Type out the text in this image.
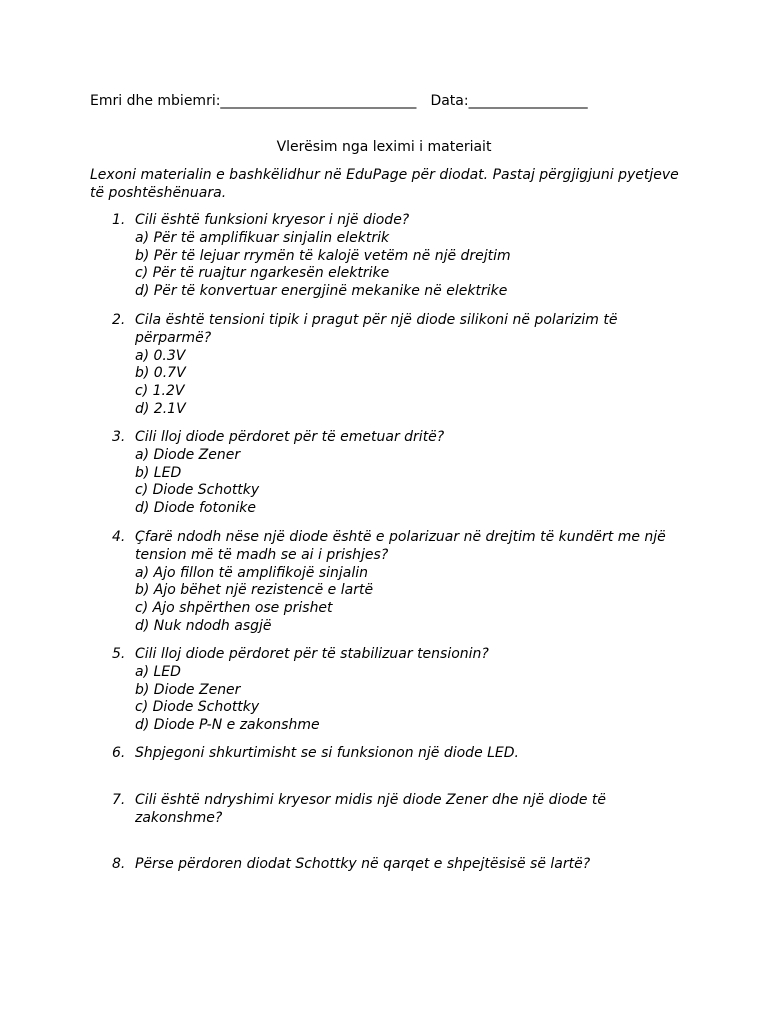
Emri dhe mbiemri:____________________________ Data:_________________
Vlerësim nga leximi i materiait
Lexoni materialin e bashkëlidhur në EduPage për diodat. Pastaj përgjigjuni pyetjeve të poshtëshënuara.
1. Cili është funksioni kryesor i një diode?
a) Për të amplifikuar sinjalin elektrik
b) Për të lejuar rrymën të kalojë vetëm në një drejtim
c) Për të ruajtur ngarkesën elektrike
d) Për të konvertuar energjinë mekanike në elektrike
2. Cila është tensioni tipik i pragut për një diode silikoni në polarizim të përparmë?
a) 0.3V
b) 0.7V
c) 1.2V
d) 2.1V
3. Cili lloj diode përdoret për të emetuar dritë?
a) Diode Zener
b) LED
c) Diode Schottky
d) Diode fotonike
4. Çfarë ndodh nëse një diode është e polarizuar në drejtim të kundërt me një tension më të madh se ai i prishjes?
a) Ajo fillon të amplifikojë sinjalin
b) Ajo bëhet një rezistencë e lartë
c) Ajo shpërthen ose prishet
d) Nuk ndodh asgjë
5. Cili lloj diode përdoret për të stabilizuar tensionin?
a) LED
b) Diode Zener
c) Diode Schottky
d) Diode P-N e zakonshme
6. Shpjegoni shkurtimisht se si funksionon një diode LED.
7. Cili është ndryshimi kryesor midis një diode Zener dhe një diode të zakonshme?
8. Përse përdoren diodat Schottky në qarqet e shpejtësisë së lartë?
